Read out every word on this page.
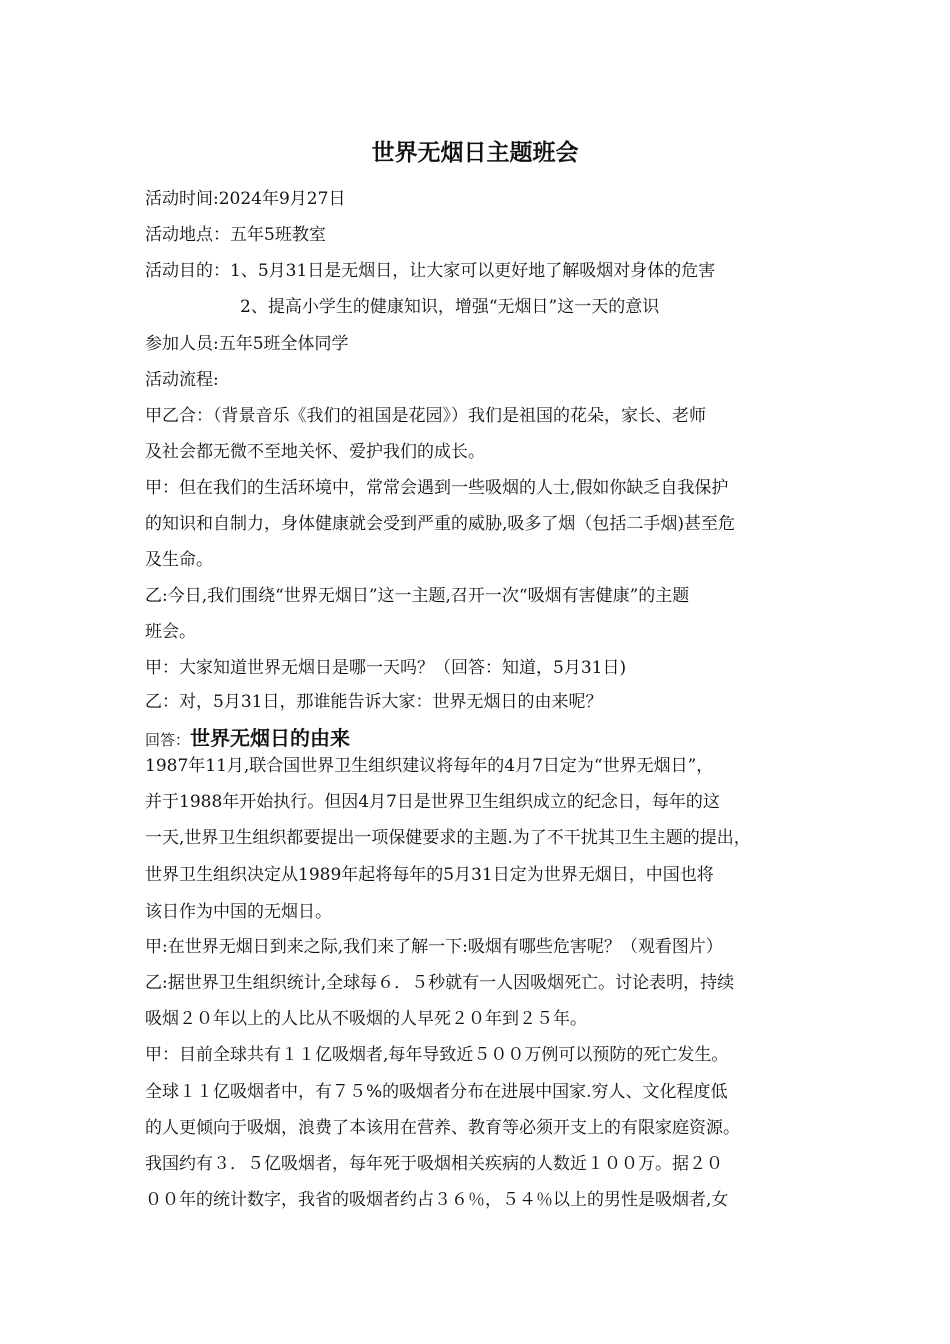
世界无烟日主题班会
活动时间:2024年9月27日
活动地点：五年5班教室
活动目的：1、5月31日是无烟日，让大家可以更好地了解吸烟对身体的危害
2、提高小学生的健康知识，增强“无烟日”这一天的意识
参加人员:五年5班全体同学
活动流程:
甲乙合：（背景音乐《我们的祖国是花园》）我们是祖国的花朵，家长、老师
及社会都无微不至地关怀、爱护我们的成长。
甲：但在我们的生活环境中，常常会遇到一些吸烟的人士,假如你缺乏自我保护
的知识和自制力，身体健康就会受到严重的威胁,吸多了烟（包括二手烟)甚至危
及生命。
乙:今日,我们围绕“世界无烟日”这一主题,召开一次“吸烟有害健康”的主题
班会。
甲：大家知道世界无烟日是哪一天吗？（回答：知道，5月31日)
乙：对，5月31日，那谁能告诉大家：世界无烟日的由来呢？
回答：世界无烟日的由来
1987年11月,联合国世界卫生组织建议将每年的4月7日定为“世界无烟日”，
并于1988年开始执行。但因4月7日是世界卫生组织成立的纪念日，每年的这
一天,世界卫生组织都要提出一项保健要求的主题.为了不干扰其卫生主题的提出，
世界卫生组织决定从1989年起将每年的5月31日定为世界无烟日，中国也将
该日作为中国的无烟日。
甲:在世界无烟日到来之际,我们来了解一下:吸烟有哪些危害呢？（观看图片）
乙:据世界卫生组织统计,全球每６．５秒就有一人因吸烟死亡。讨论表明，持续
吸烟２０年以上的人比从不吸烟的人早死２０年到２５年。
甲：目前全球共有１１亿吸烟者,每年导致近５００万例可以预防的死亡发生。
全球１１亿吸烟者中，有７５%的吸烟者分布在进展中国家.穷人、文化程度低
的人更倾向于吸烟，浪费了本该用在营养、教育等必须开支上的有限家庭资源。
我国约有３．５亿吸烟者，每年死于吸烟相关疾病的人数近１００万。据２０
００年的统计数字，我省的吸烟者约占３６％，５４％以上的男性是吸烟者,女
